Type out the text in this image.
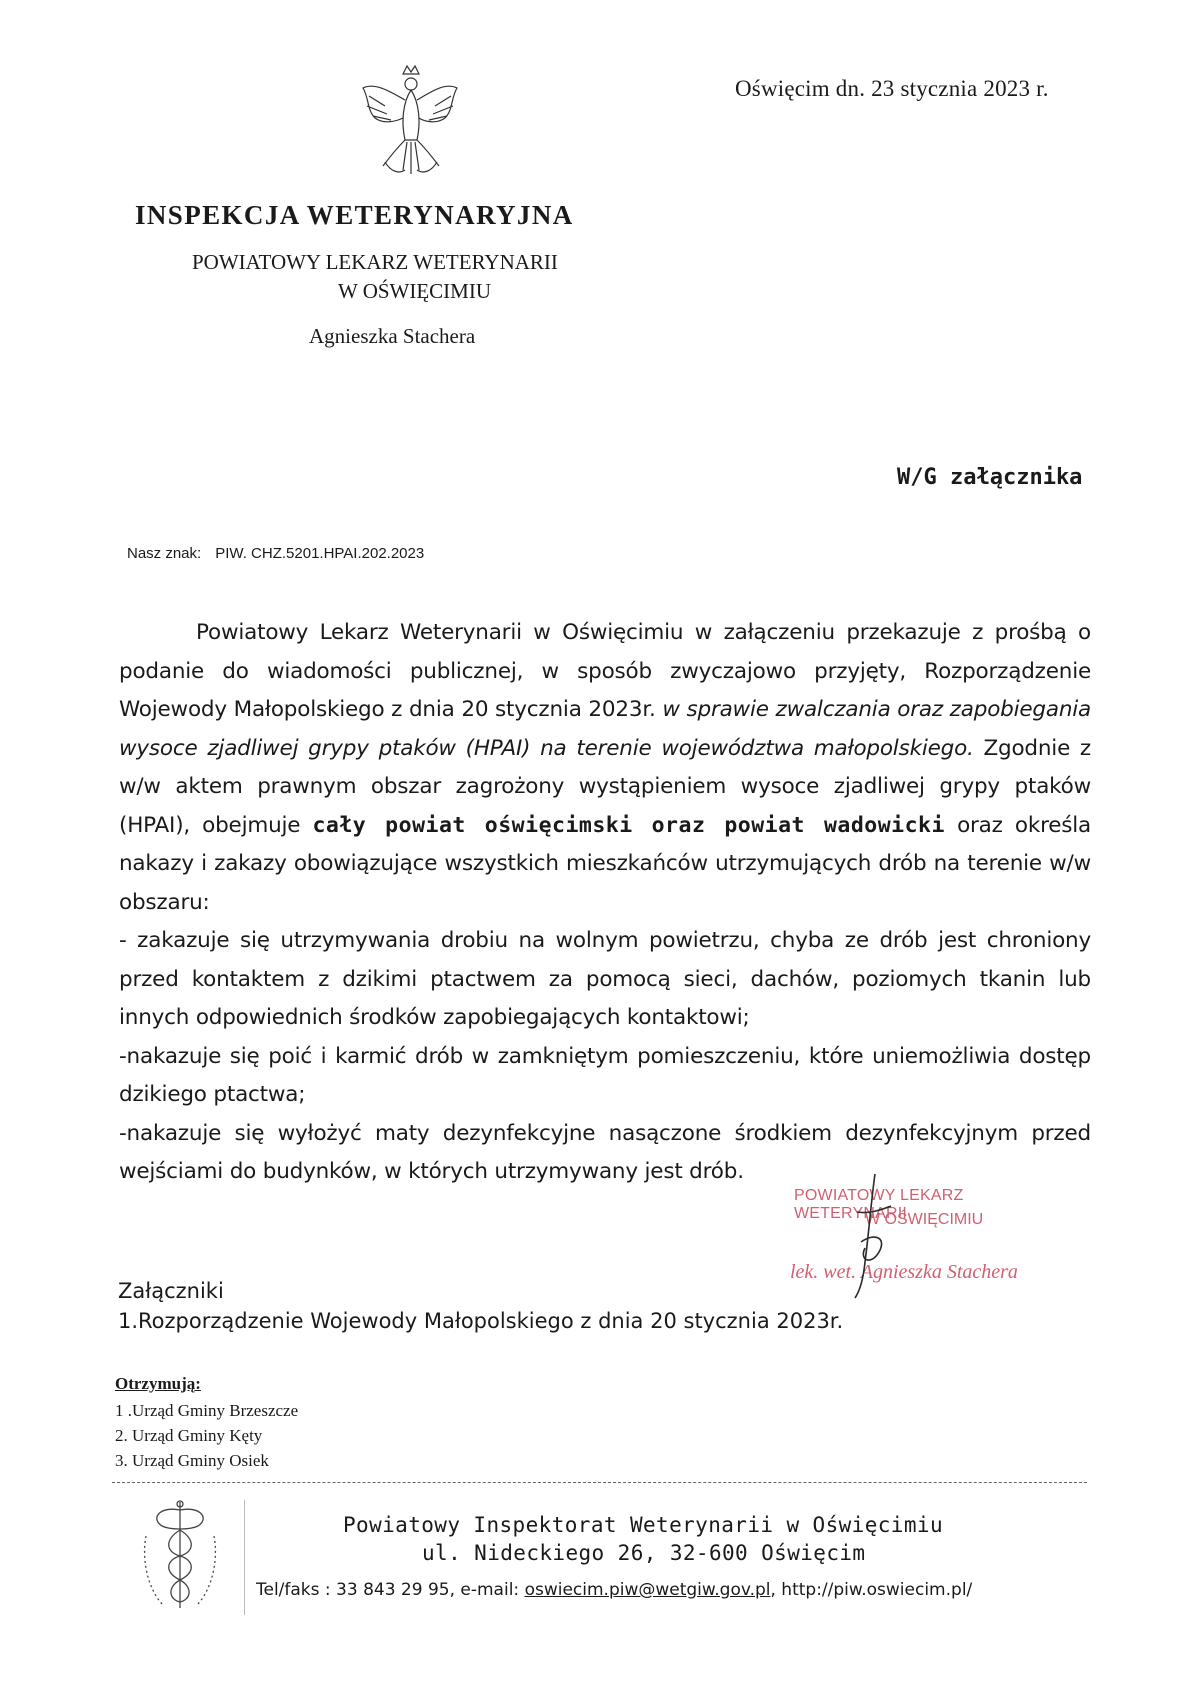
Oświęcim dn. 23 stycznia 2023 r.
INSPEKCJA WETERYNARYJNA
POWIATOWY LEKARZ WETERYNARII
W OŚWIĘCIMIU
Agnieszka Stachera
W/G załącznika
Nasz znak: PIW. CHZ.5201.HPAI.202.2023

Powiatowy Lekarz Weterynarii w Oświęcimiu w załączeniu przekazuje z prośbą o podanie do wiadomości publicznej, w sposób zwyczajowo przyjęty, Rozporządzenie Wojewody Małopolskiego z dnia 20 stycznia 2023r. w sprawie zwalczania oraz zapobiegania wysoce zjadliwej grypy ptaków (HPAI) na terenie województwa małopolskiego. Zgodnie z w/w aktem prawnym obszar zagrożony wystąpieniem wysoce zjadliwej grypy ptaków (HPAI), obejmuje cały powiat oświęcimski oraz powiat wadowicki oraz określa nakazy i zakazy obowiązujące wszystkich mieszkańców utrzymujących drób na terenie w/w obszaru:

- zakazuje się utrzymywania drobiu na wolnym powietrzu, chyba ze drób jest chroniony przed kontaktem z dzikimi ptactwem za pomocą sieci, dachów, poziomych tkanin lub innych odpowiednich środków zapobiegających kontaktowi;

-nakazuje się poić i karmić drób w zamkniętym pomieszczeniu, które uniemożliwia dostęp dzikiego ptactwa;

-nakazuje się wyłożyć maty dezynfekcyjne nasączone środkiem dezynfekcyjnym przed wejściami do budynków, w których utrzymywany jest drób.

POWIATOWY LEKARZ WETERYNARII
W OŚWIĘCIMIU
lek. wet. Agnieszka Stachera
Załączniki
1.Rozporządzenie Wojewody Małopolskiego z dnia 20 stycznia 2023r.
Otrzymują:
1 .Urząd Gminy Brzeszcze
2. Urząd Gminy Kęty
3. Urząd Gminy Osiek
Powiatowy Inspektorat Weterynarii w Oświęcimiu
ul. Nideckiego 26, 32-600 Oświęcim
Tel/faks : 33 843 29 95, e-mail: oswiecim.piw@wetgiw.gov.pl, http://piw.oswiecim.pl/
